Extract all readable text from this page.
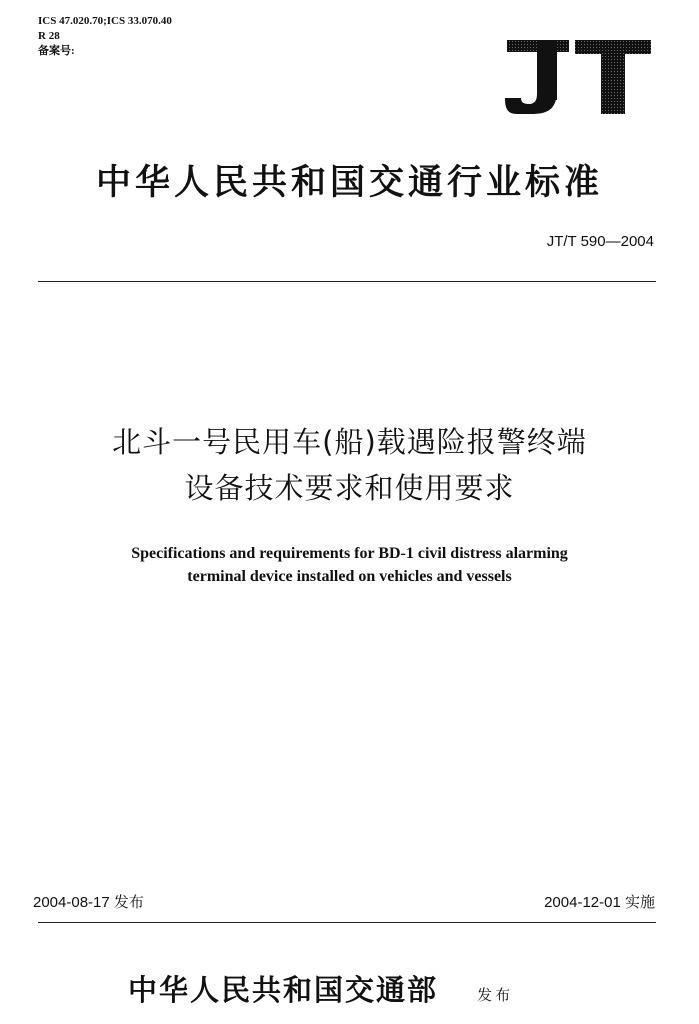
ICS 47.020.70;ICS 33.070.40
R 28
备案号:
中华人民共和国交通行业标准
JT/T 590—2004
北斗一号民用车(船)载遇险报警终端
设备技术要求和使用要求
Specifications and requirements for BD-1 civil distress alarming
terminal device installed on vehicles and vessels
2004-08-17 发布	2004-12-01 实施
中华人民共和国交通部	发布
